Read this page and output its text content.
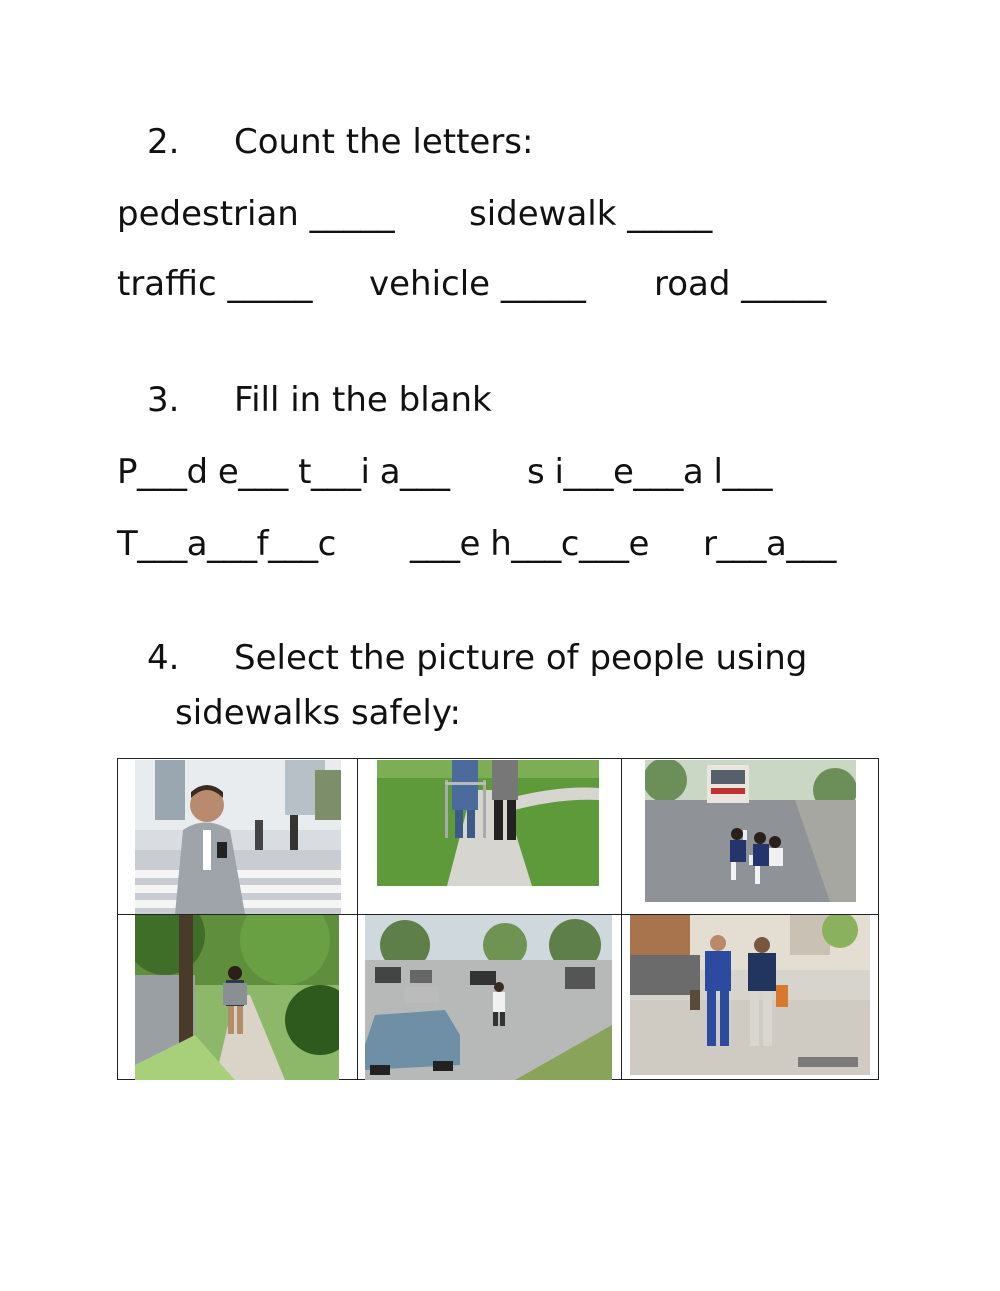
2. Count the letters:
pedestrian _____ sidewalk _____
traffic _____ vehicle _____ road _____
3. Fill in the blank
P___d e___ t___i a___ s i___e___a l___
T___a___f___c ___e h___c___e r___a___
4. Select the picture of people using
sidewalks safely:
